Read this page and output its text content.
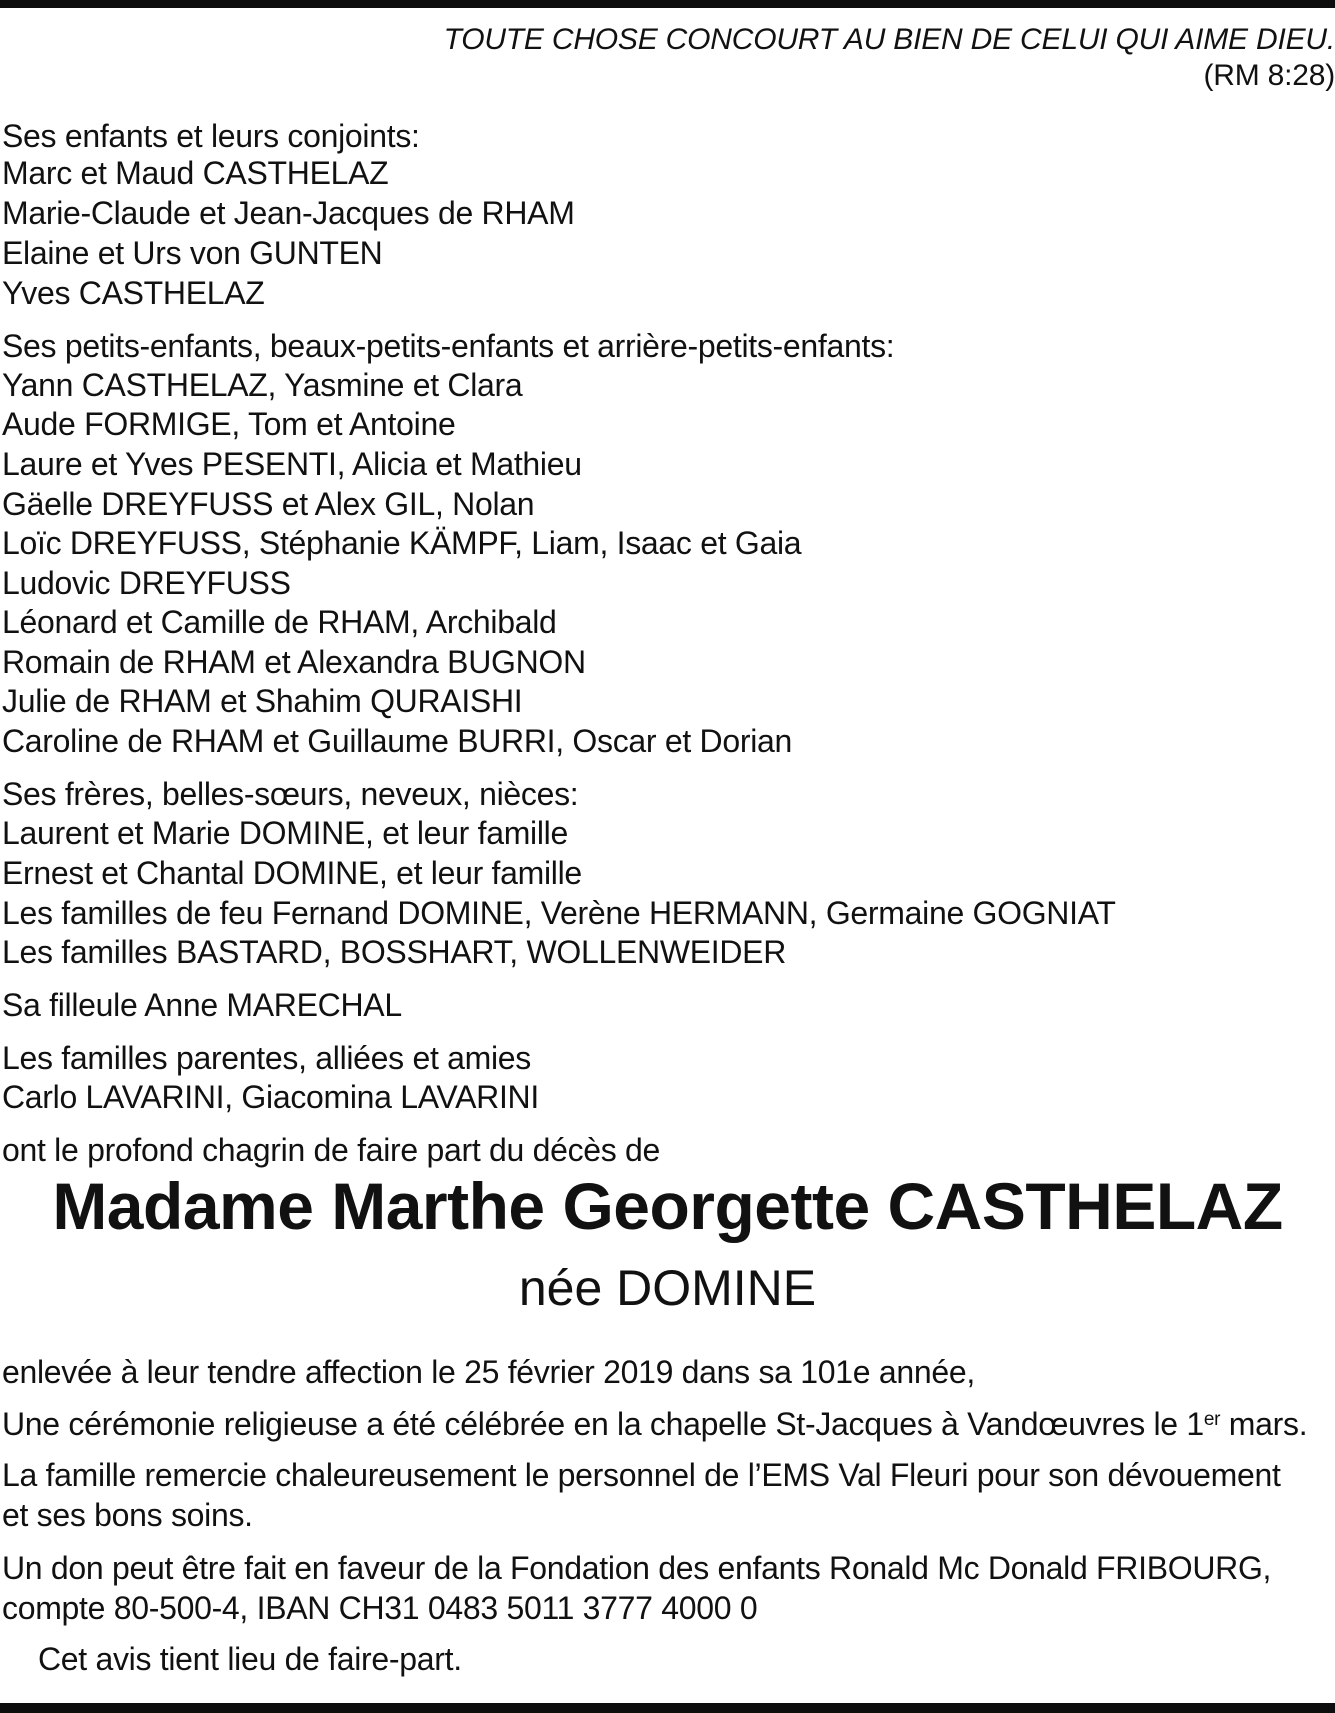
TOUTE CHOSE CONCOURT AU BIEN DE CELUI QUI AIME DIEU.
(RM 8:28)
Ses enfants et leurs conjoints:
Marc et Maud CASTHELAZ
Marie-Claude et Jean-Jacques de RHAM
Elaine et Urs von GUNTEN
Yves CASTHELAZ
Ses petits-enfants, beaux-petits-enfants et arrière-petits-enfants:
Yann CASTHELAZ, Yasmine et Clara
Aude FORMIGE, Tom et Antoine
Laure et Yves PESENTI, Alicia et Mathieu
Gäelle DREYFUSS et Alex GIL, Nolan
Loïc DREYFUSS, Stéphanie KÄMPF, Liam, Isaac et Gaia
Ludovic DREYFUSS
Léonard et Camille de RHAM, Archibald
Romain de RHAM et Alexandra BUGNON
Julie de RHAM et Shahim QURAISHI
Caroline de RHAM et Guillaume BURRI, Oscar et Dorian
Ses frères, belles-sœurs, neveux, nièces:
Laurent et Marie DOMINE, et leur famille
Ernest et Chantal DOMINE, et leur famille
Les familles de feu Fernand DOMINE, Verène HERMANN, Germaine GOGNIAT
Les familles BASTARD, BOSSHART, WOLLENWEIDER
Sa filleule Anne MARECHAL
Les familles parentes, alliées et amies
Carlo LAVARINI, Giacomina LAVARINI
ont le profond chagrin de faire part du décès de
Madame Marthe Georgette CASTHELAZ
née DOMINE
enlevée à leur tendre affection le 25 février 2019 dans sa 101e année,
Une cérémonie religieuse a été célébrée en la chapelle St-Jacques à Vandœuvres le 1er mars.
La famille remercie chaleureusement le personnel de l’EMS Val Fleuri pour son dévouement
et ses bons soins.
Un don peut être fait en faveur de la Fondation des enfants Ronald Mc Donald FRIBOURG,
compte 80-500-4, IBAN CH31 0483 5011 3777 4000 0
Cet avis tient lieu de faire-part.
